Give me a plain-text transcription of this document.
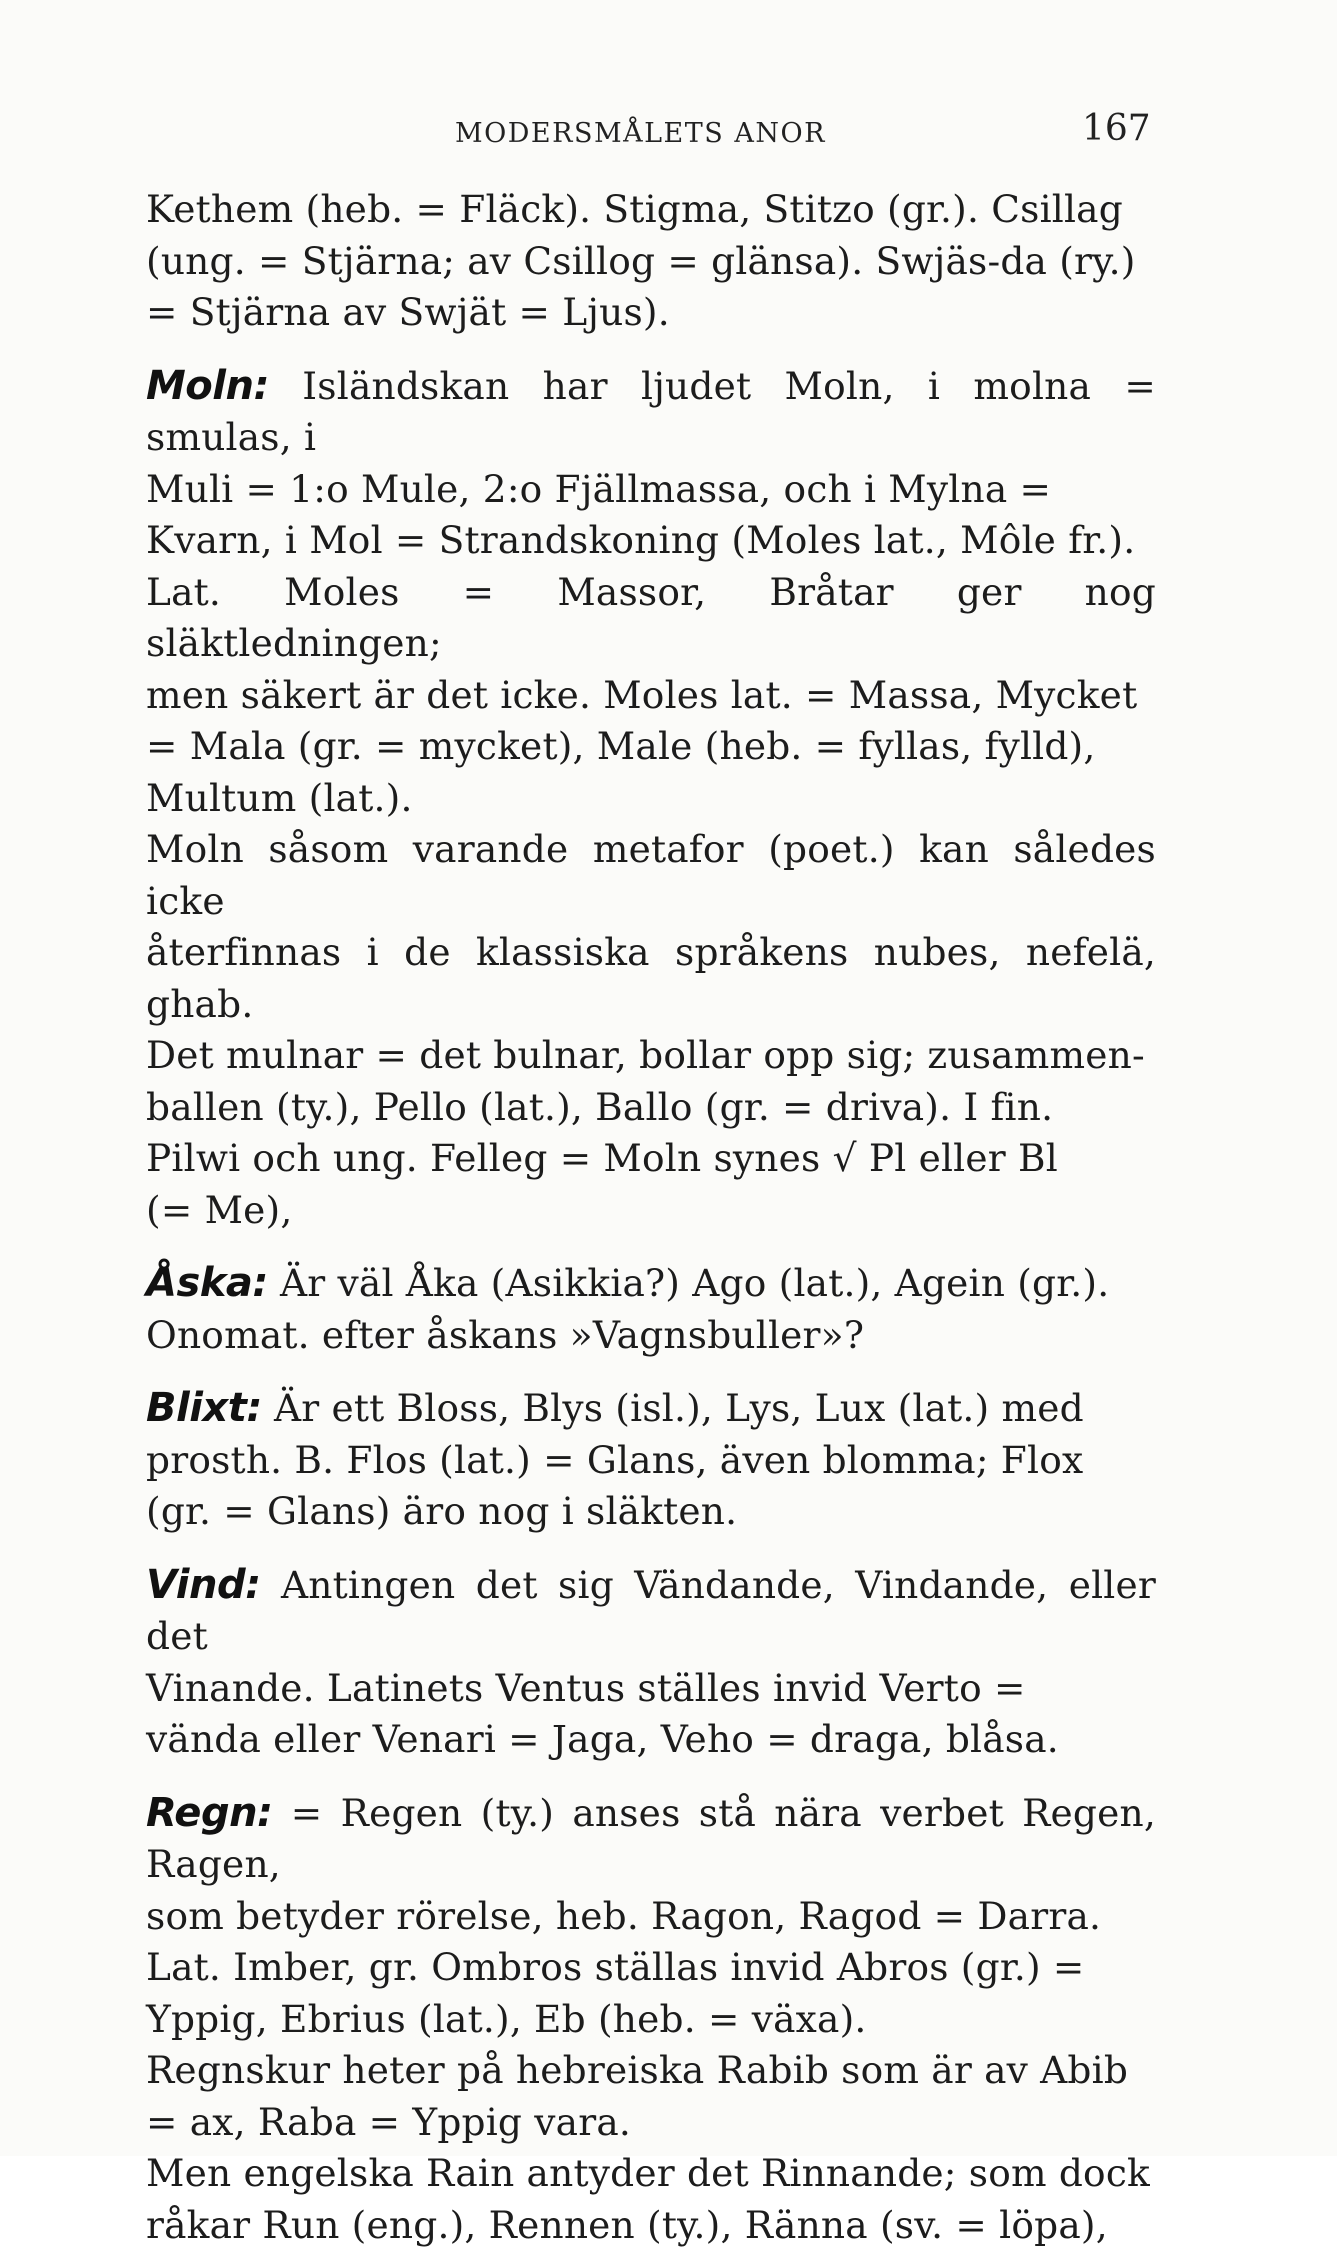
MODERSMÅLETS ANOR	167
Kethem (heb. = Fläck). Stigma, Stitzo (gr.). Csillag
(ung. = Stjärna; av Csillog = glänsa). Swjäs-da (ry.)
= Stjärna av Swjät = Ljus).
Moln: Isländskan har ljudet Moln, i molna = smulas, i
Muli = 1:o Mule, 2:o Fjällmassa, och i Mylna =
Kvarn, i Mol = Strandskoning (Moles lat., Môle fr.).
Lat. Moles = Massor, Bråtar ger nog släktledningen;
men säkert är det icke. Moles lat. = Massa, Mycket
= Mala (gr. = mycket), Male (heb. = fyllas, fylld),
Multum (lat.).
Moln såsom varande metafor (poet.) kan således icke
återfinnas i de klassiska språkens nubes, nefelä, ghab.
Det mulnar = det bulnar, bollar opp sig; zusammen-
ballen (ty.), Pello (lat.), Ballo (gr. = driva). I fin.
Pilwi och ung. Felleg = Moln synes √ Pl eller Bl
(= Me),
Åska: Är väl Åka (Asikkia?) Ago (lat.), Agein (gr.).
Onomat. efter åskans »Vagnsbuller»?
Blixt: Är ett Bloss, Blys (isl.), Lys, Lux (lat.) med
prosth. B. Flos (lat.) = Glans, även blomma; Flox
(gr. = Glans) äro nog i släkten.
Vind: Antingen det sig Vändande, Vindande, eller det
Vinande. Latinets Ventus ställes invid Verto =
vända eller Venari = Jaga, Veho = draga, blåsa.
Regn: = Regen (ty.) anses stå nära verbet Regen, Ragen,
som betyder rörelse, heb. Ragon, Ragod = Darra.
Lat. Imber, gr. Ombros ställas invid Abros (gr.) =
Yppig, Ebrius (lat.), Eb (heb. = växa).
Regnskur heter på hebreiska Rabib som är av Abib
= ax, Raba = Yppig vara.
Men engelska Rain antyder det Rinnande; som dock
råkar Run (eng.), Rennen (ty.), Ränna (sv. = löpa),
